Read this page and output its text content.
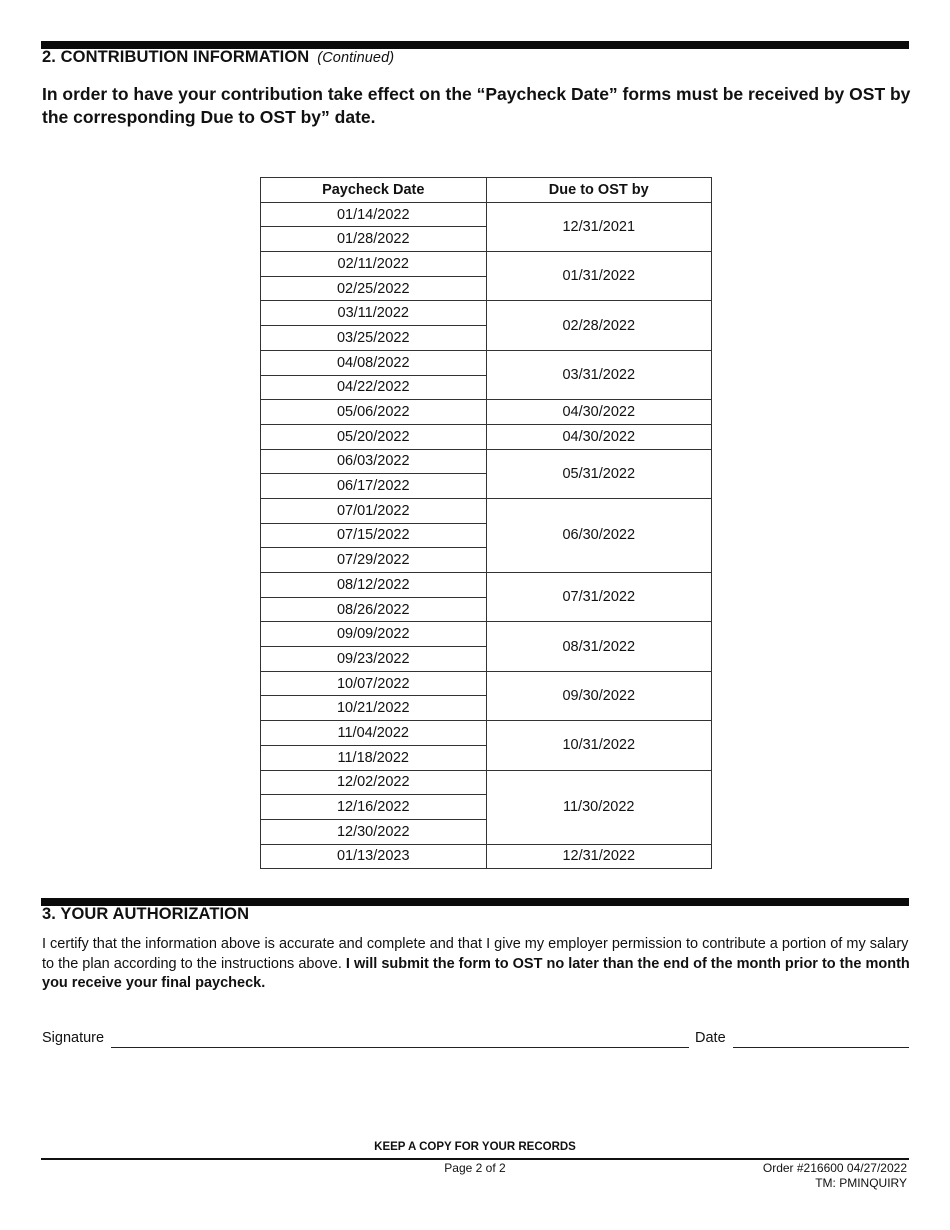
2. CONTRIBUTION INFORMATION (Continued)
In order to have your contribution take effect on the “Paycheck Date” forms must be received by OST by the corresponding Due to OST by” date.
Paycheck Date	Due to OST by
01/14/2022	12/31/2021
01/28/2022	
02/11/2022	01/31/2022
02/25/2022	
03/11/2022	02/28/2022
03/25/2022	
04/08/2022	03/31/2022
04/22/2022	
05/06/2022	04/30/2022
05/20/2022	04/30/2022
06/03/2022	05/31/2022
06/17/2022	
07/01/2022	06/30/2022
07/15/2022	
07/29/2022	
08/12/2022	07/31/2022
08/26/2022	
09/09/2022	08/31/2022
09/23/2022	
10/07/2022	09/30/2022
10/21/2022	
11/04/2022	10/31/2022
11/18/2022	
12/02/2022	11/30/2022
12/16/2022	
12/30/2022	
01/13/2023	12/31/2022
3. YOUR AUTHORIZATION
I certify that the information above is accurate and complete and that I give my employer permission to contribute a portion of my salary to the plan according to the instructions above. I will submit the form to OST no later than the end of the month prior to the month you receive your final paycheck.
Signature	Date
KEEP A COPY FOR YOUR RECORDS
Page 2 of 2	Order #216600 04/27/2022
TM: PMINQUIRY
